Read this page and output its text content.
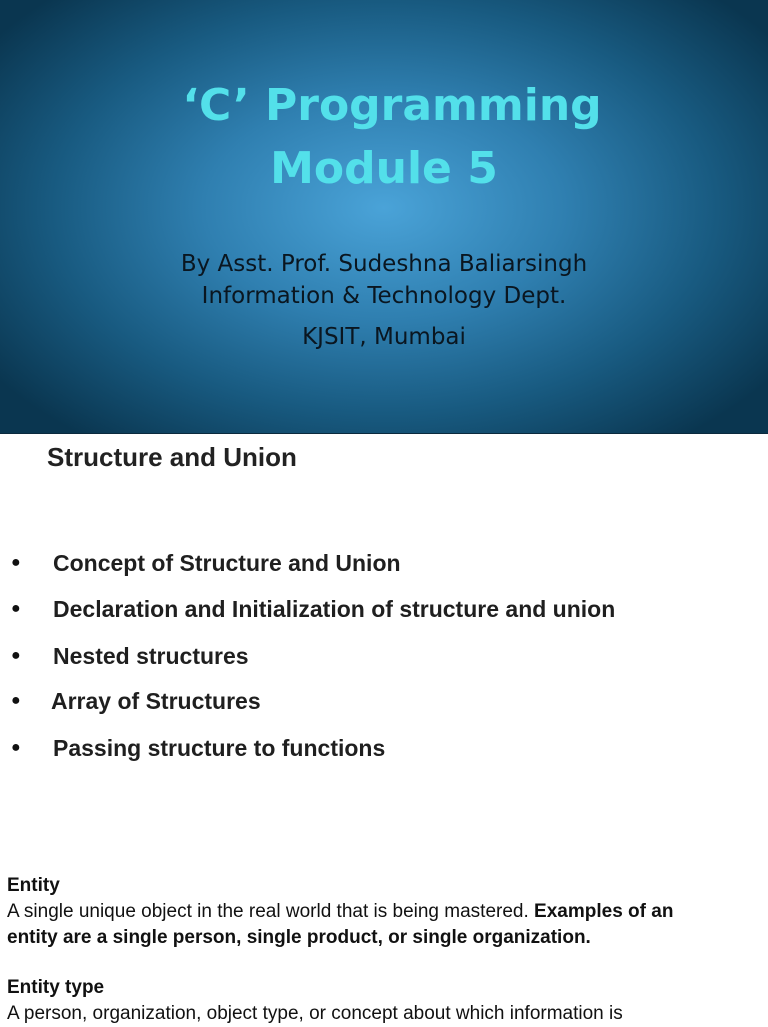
‘C’ Programming
Module 5
By Asst. Prof. Sudeshna Baliarsingh
Information & Technology Dept.
KJSIT, Mumbai
Structure and Union
● Concept of Structure and Union
● Declaration and Initialization of structure and union
● Nested structures
● Array of Structures
● Passing structure to functions
Entity
A single unique object in the real world that is being mastered. Examples of an
entity are a single person, single product, or single organization.
Entity type
A person, organization, object type, or concept about which information is
